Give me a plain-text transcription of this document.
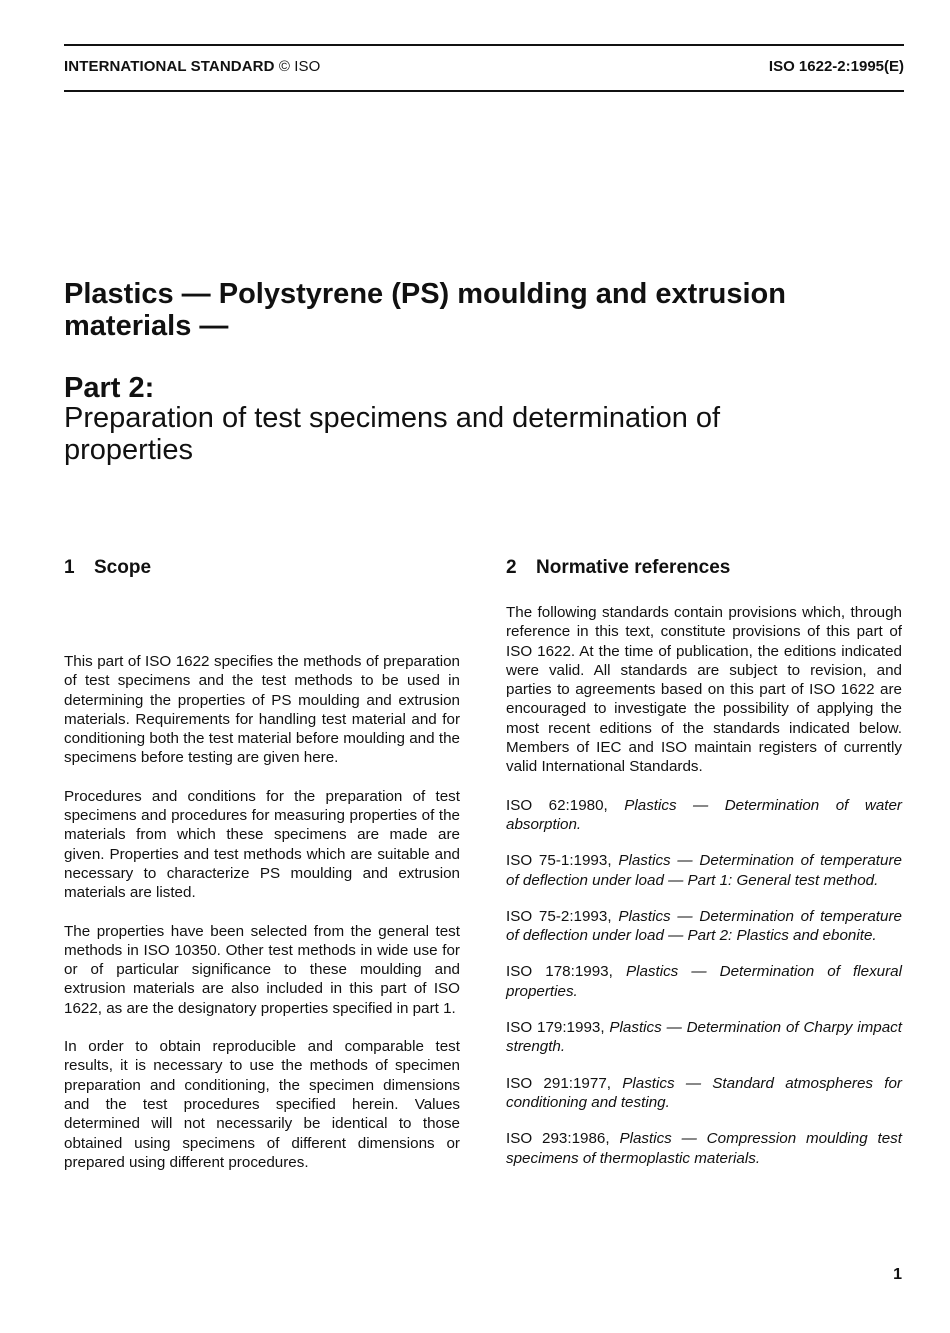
INTERNATIONAL STANDARD © ISO	ISO 1622-2:1995(E)
Plastics — Polystyrene (PS) moulding and extrusion materials —
Part 2:
Preparation of test specimens and determination of properties
1 Scope	2 Normative references

This part of ISO 1622 specifies the methods of preparation of test specimens and the test methods to be used in determining the properties of PS moulding and extrusion materials. Requirements for handling test material and for conditioning both the test material before moulding and the specimens before testing are given here.

Procedures and conditions for the preparation of test specimens and procedures for measuring properties of the materials from which these specimens are made are given. Properties and test methods which are suitable and necessary to characterize PS moulding and extrusion materials are listed.

The properties have been selected from the general test methods in ISO 10350. Other test methods in wide use for or of particular significance to these moulding and extrusion materials are also included in this part of ISO 1622, as are the designatory properties specified in part 1.

In order to obtain reproducible and comparable test results, it is necessary to use the methods of specimen preparation and conditioning, the specimen dimensions and the test procedures specified herein. Values determined will not necessarily be identical to those obtained using specimens of different dimensions or prepared using different procedures.

The following standards contain provisions which, through reference in this text, constitute provisions of this part of ISO 1622. At the time of publication, the editions indicated were valid. All standards are subject to revision, and parties to agreements based on this part of ISO 1622 are encouraged to investigate the possibility of applying the most recent editions of the standards indicated below. Members of IEC and ISO maintain registers of currently valid International Standards.

ISO 62:1980, Plastics — Determination of water absorption.

ISO 75-1:1993, Plastics — Determination of temperature of deflection under load — Part 1: General test method.

ISO 75-2:1993, Plastics — Determination of temperature of deflection under load — Part 2: Plastics and ebonite.

ISO 178:1993, Plastics — Determination of flexural properties.

ISO 179:1993, Plastics — Determination of Charpy impact strength.

ISO 291:1977, Plastics — Standard atmospheres for conditioning and testing.

ISO 293:1986, Plastics — Compression moulding test specimens of thermoplastic materials.

1
